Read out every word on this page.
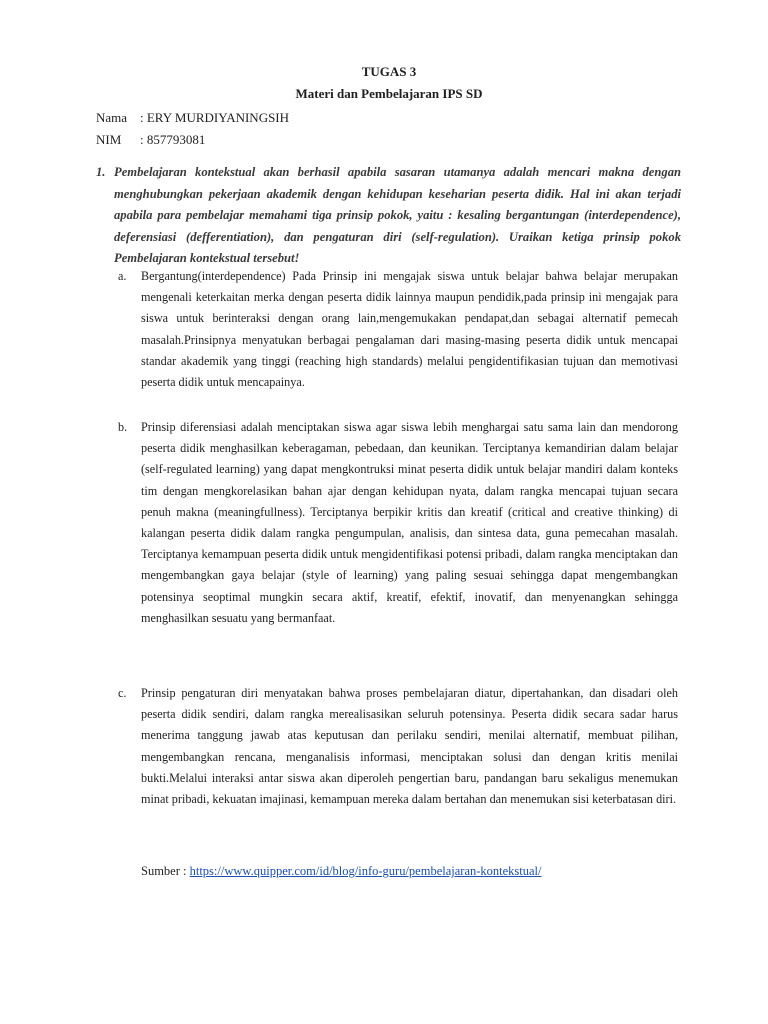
TUGAS 3
Materi dan Pembelajaran IPS SD
Nama : ERY MURDIYANINGSIH
NIM : 857793081
1. Pembelajaran kontekstual akan berhasil apabila sasaran utamanya adalah mencari makna dengan menghubungkan pekerjaan akademik dengan kehidupan keseharian peserta didik. Hal ini akan terjadi apabila para pembelajar memahami tiga prinsip pokok, yaitu : kesaling bergantungan (interdependence), deferensiasi (defferentiation), dan pengaturan diri (self-regulation). Uraikan ketiga prinsip pokok Pembelajaran kontekstual tersebut!
a. Bergantung(interdependence) Pada Prinsip ini mengajak siswa untuk belajar bahwa belajar merupakan mengenali keterkaitan merka dengan peserta didik lainnya maupun pendidik,pada prinsip ini mengajak para siswa untuk berinteraksi dengan orang lain,mengemukakan pendapat,dan sebagai alternatif pemecah masalah.Prinsipnya menyatukan berbagai pengalaman dari masing-masing peserta didik untuk mencapai standar akademik yang tinggi (reaching high standards) melalui pengidentifikasian tujuan dan memotivasi peserta didik untuk mencapainya.
b. Prinsip diferensiasi adalah menciptakan siswa agar siswa lebih menghargai satu sama lain dan mendorong peserta didik menghasilkan keberagaman, pebedaan, dan keunikan. Terciptanya kemandirian dalam belajar (self-regulated learning) yang dapat mengkontruksi minat peserta didik untuk belajar mandiri dalam konteks tim dengan mengkorelasikan bahan ajar dengan kehidupan nyata, dalam rangka mencapai tujuan secara penuh makna (meaningfullness). Terciptanya berpikir kritis dan kreatif (critical and creative thinking) di kalangan peserta didik dalam rangka pengumpulan, analisis, dan sintesa data, guna pemecahan masalah. Terciptanya kemampuan peserta didik untuk mengidentifikasi potensi pribadi, dalam rangka menciptakan dan mengembangkan gaya belajar (style of learning) yang paling sesuai sehingga dapat mengembangkan potensinya seoptimal mungkin secara aktif, kreatif, efektif, inovatif, dan menyenangkan sehingga menghasilkan sesuatu yang bermanfaat.
c. Prinsip pengaturan diri menyatakan bahwa proses pembelajaran diatur, dipertahankan, dan disadari oleh peserta didik sendiri, dalam rangka merealisasikan seluruh potensinya. Peserta didik secara sadar harus menerima tanggung jawab atas keputusan dan perilaku sendiri, menilai alternatif, membuat pilihan, mengembangkan rencana, menganalisis informasi, menciptakan solusi dan dengan kritis menilai bukti.Melalui interaksi antar siswa akan diperoleh pengertian baru, pandangan baru sekaligus menemukan minat pribadi, kekuatan imajinasi, kemampuan mereka dalam bertahan dan menemukan sisi keterbatasan diri.
Sumber : https://www.quipper.com/id/blog/info-guru/pembelajaran-kontekstual/
